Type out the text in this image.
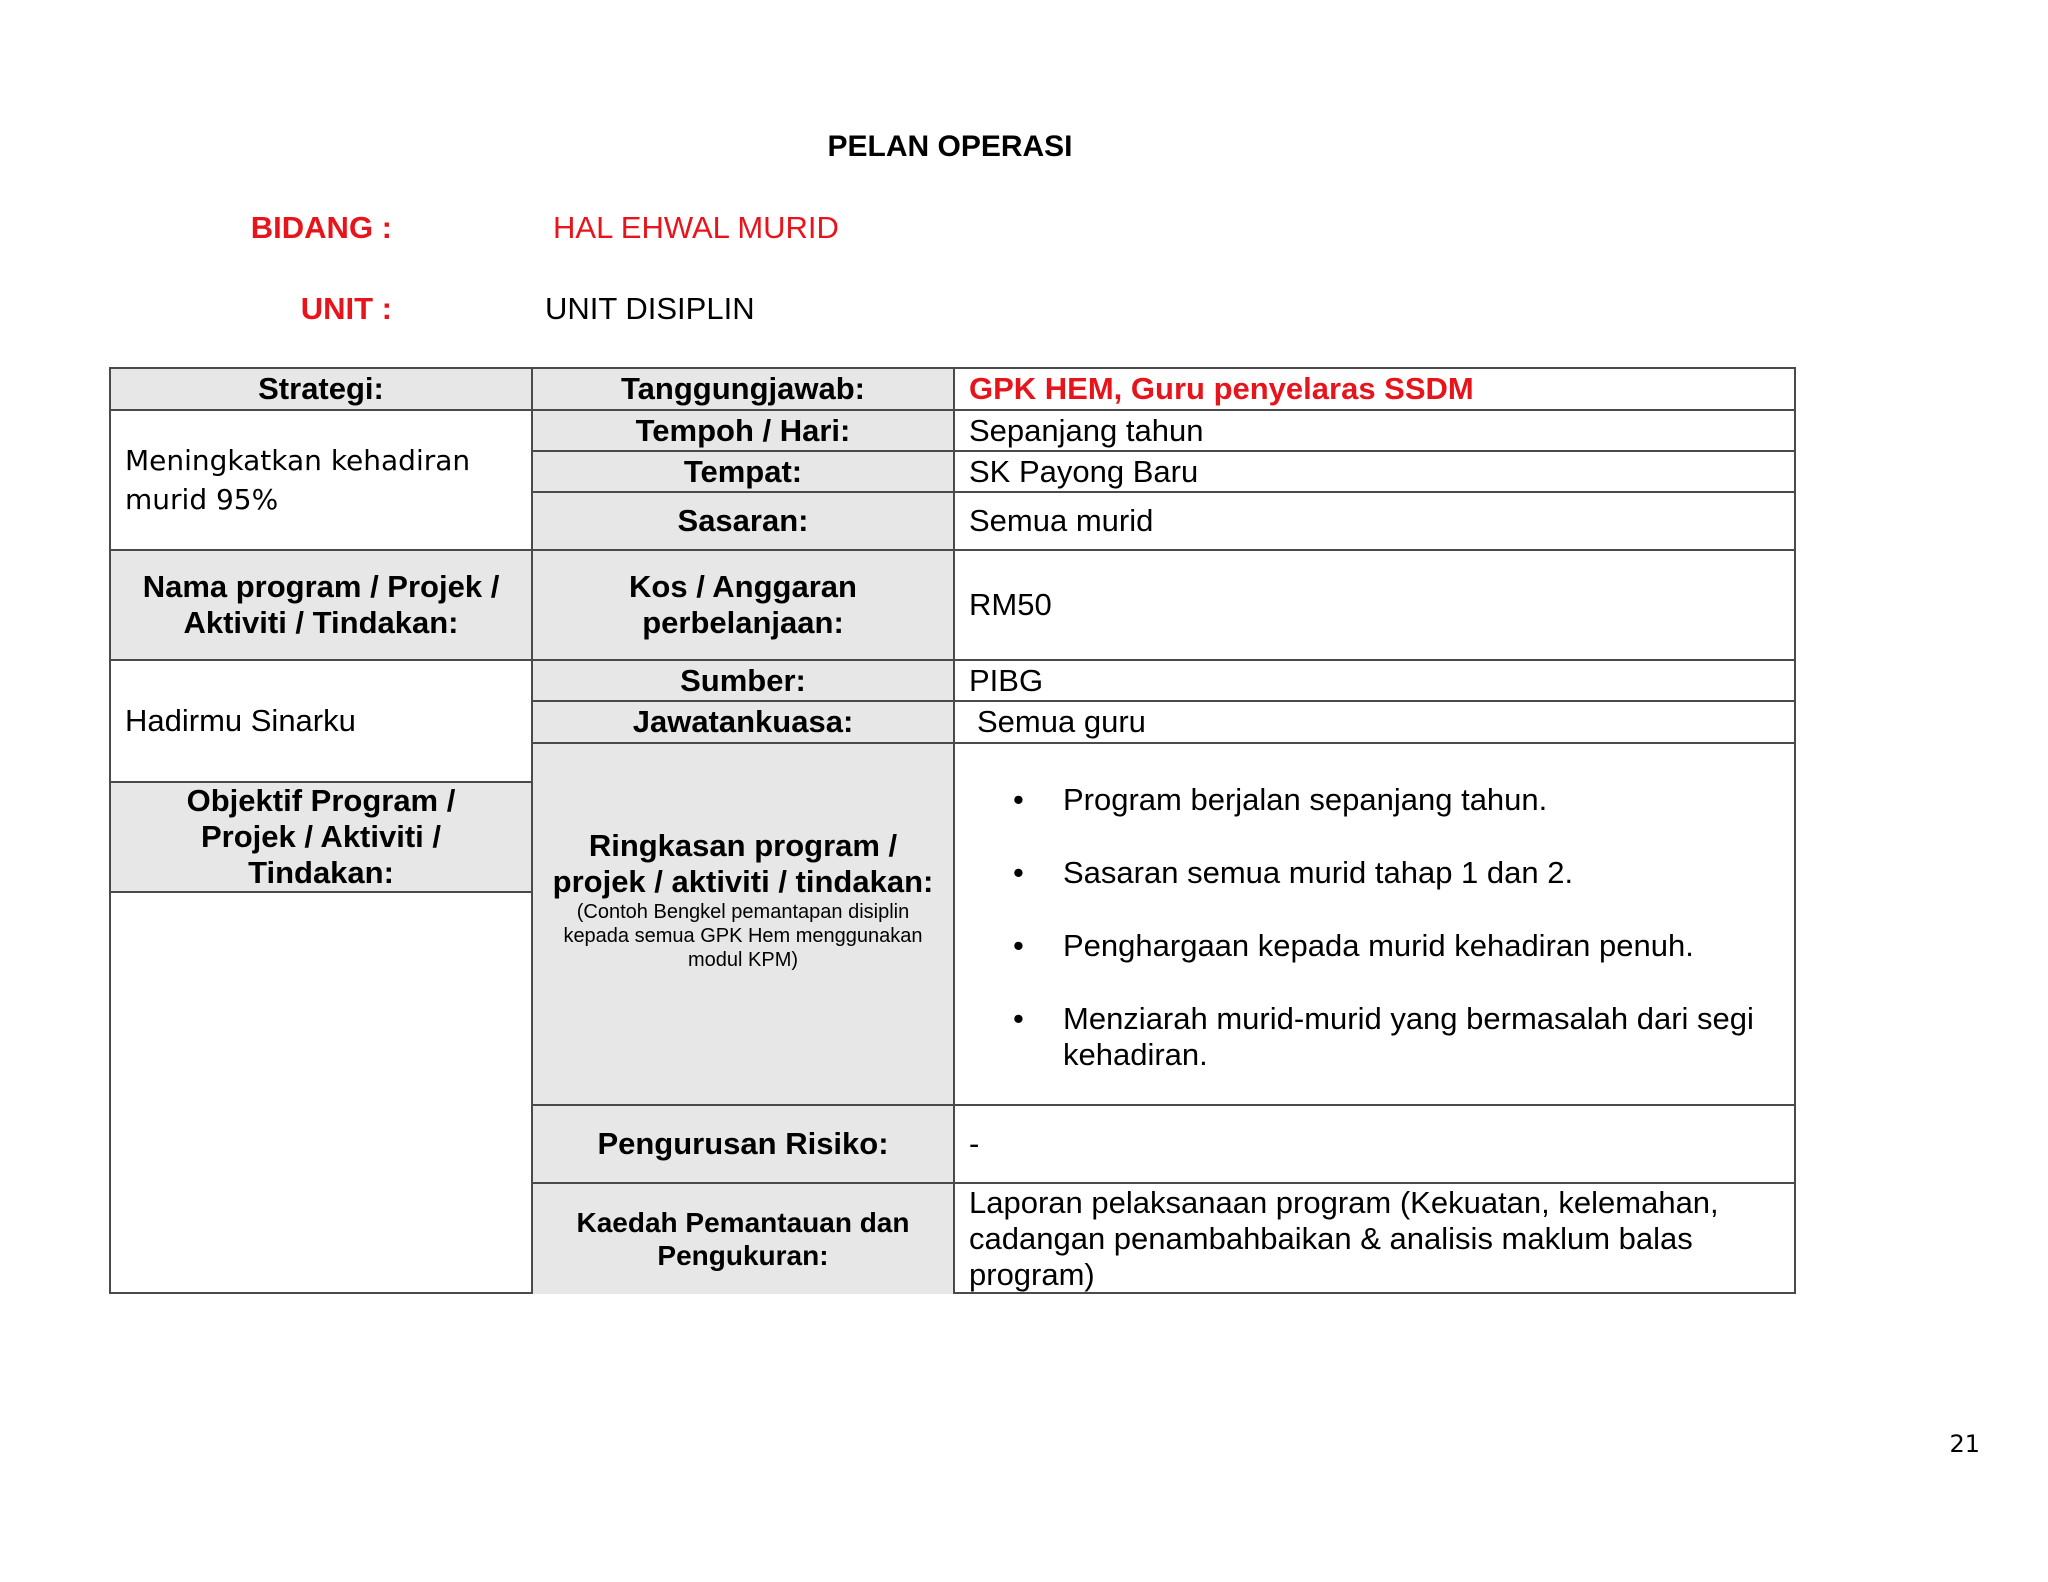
PELAN OPERASI
BIDANG :	HAL EHWAL MURID
UNIT :	UNIT DISIPLIN
Strategi:
Meningkatkan kehadiran murid 95%
Nama program / Projek / Aktiviti / Tindakan:
Hadirmu Sinarku
Objektif Program / Projek / Aktiviti / Tindakan:
Tanggungjawab:
Tempoh / Hari:
Tempat:
Sasaran:
Kos / Anggaran perbelanjaan:
Sumber:
Jawatankuasa:
Ringkasan program / projek / aktiviti / tindakan:
(Contoh Bengkel pemantapan disiplin kepada semua GPK Hem menggunakan modul KPM)
Pengurusan Risiko:
Kaedah Pemantauan dan Pengukuran:
GPK HEM, Guru penyelaras SSDM
Sepanjang tahun
SK Payong Baru
Semua murid
RM50
PIBG
Semua guru
• Program berjalan sepanjang tahun.
• Sasaran semua murid tahap 1 dan 2.
• Penghargaan kepada murid kehadiran penuh.
• Menziarah murid-murid yang bermasalah dari segi kehadiran.
-
Laporan pelaksanaan program (Kekuatan, kelemahan, cadangan penambahbaikan & analisis maklum balas program)
21
